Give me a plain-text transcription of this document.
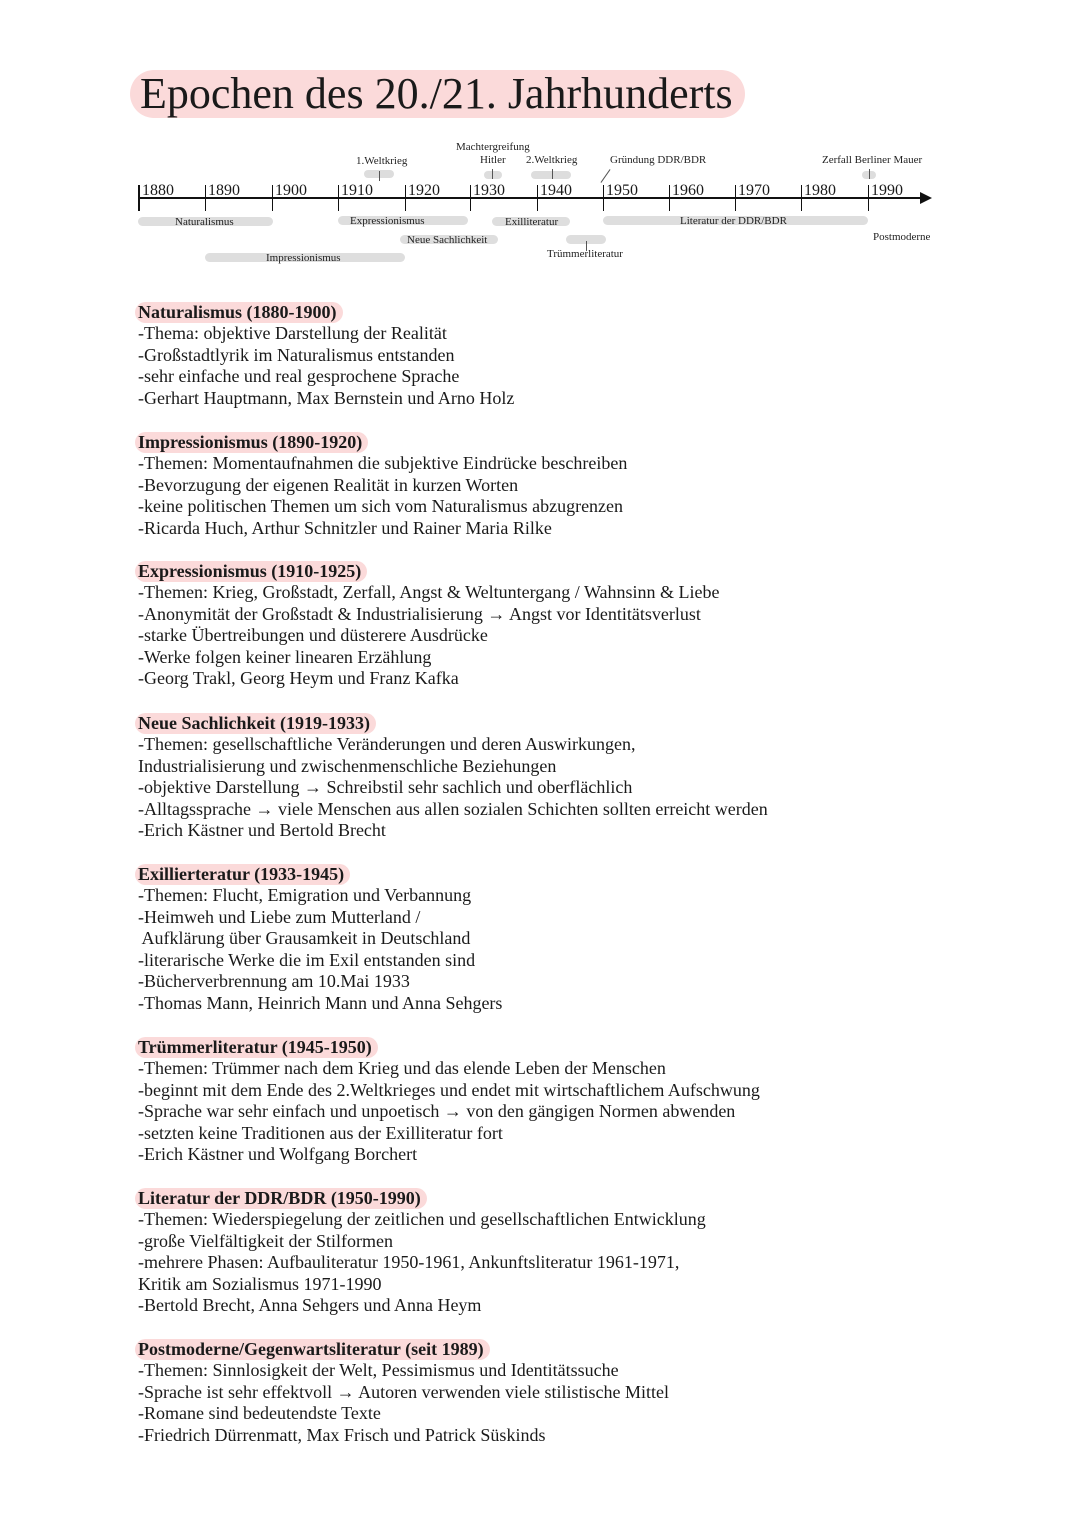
Epochen des 20./21. Jahrhunderts
1880 1890 1900 1910 1920 1930 1940 1950 1960 1970 1980 1990
1.Weltkrieg
Machtergreifung
Hitler 2.Weltkrieg	Gründung DDR/BDR	Zerfall Berliner Mauer
Naturalismus
Impressionismus
Expressionismus
Neue Sachlichkeit
Exilliteratur
Trümmerliteratur
Literatur der DDR/BDR
Postmoderne
Naturalismus (1880-1900)
-Thema: objektive Darstellung der Realität
-Großstadtlyrik im Naturalismus entstanden
-sehr einfache und real gesprochene Sprache
-Gerhart Hauptmann, Max Bernstein und Arno Holz
Impressionismus (1890-1920)
-Themen: Momentaufnahmen die subjektive Eindrücke beschreiben
-Bevorzugung der eigenen Realität in kurzen Worten
-keine politischen Themen um sich vom Naturalismus abzugrenzen
-Ricarda Huch, Arthur Schnitzler und Rainer Maria Rilke
Expressionismus (1910-1925)
-Themen: Krieg, Großstadt, Zerfall, Angst & Weltuntergang / Wahnsinn & Liebe
-Anonymität der Großstadt & Industrialisierung → Angst vor Identitätsverlust
-starke Übertreibungen und düsterere Ausdrücke
-Werke folgen keiner linearen Erzählung
-Georg Trakl, Georg Heym und Franz Kafka
Neue Sachlichkeit (1919-1933)
-Themen: gesellschaftliche Veränderungen und deren Auswirkungen,
Industrialisierung und zwischenmenschliche Beziehungen
-objektive Darstellung → Schreibstil sehr sachlich und oberflächlich
-Alltagssprache → viele Menschen aus allen sozialen Schichten sollten erreicht werden
-Erich Kästner und Bertold Brecht
Exillierteratur (1933-1945)
-Themen: Flucht, Emigration und Verbannung
-Heimweh und Liebe zum Mutterland /
Aufklärung über Grausamkeit in Deutschland
-literarische Werke die im Exil entstanden sind
-Bücherverbrennung am 10.Mai 1933
-Thomas Mann, Heinrich Mann und Anna Sehgers
Trümmerliteratur (1945-1950)
-Themen: Trümmer nach dem Krieg und das elende Leben der Menschen
-beginnt mit dem Ende des 2.Weltkrieges und endet mit wirtschaftlichem Aufschwung
-Sprache war sehr einfach und unpoetisch → von den gängigen Normen abwenden
-setzten keine Traditionen aus der Exilliteratur fort
-Erich Kästner und Wolfgang Borchert
Literatur der DDR/BDR (1950-1990)
-Themen: Wiederspiegelung der zeitlichen und gesellschaftlichen Entwicklung
-große Vielfältigkeit der Stilformen
-mehrere Phasen: Aufbauliteratur 1950-1961, Ankunftsliteratur 1961-1971,
Kritik am Sozialismus 1971-1990
-Bertold Brecht, Anna Sehgers und Anna Heym
Postmoderne/Gegenwartsliteratur (seit 1989)
-Themen: Sinnlosigkeit der Welt, Pessimismus und Identitätssuche
-Sprache ist sehr effektvoll → Autoren verwenden viele stilistische Mittel
-Romane sind bedeutendste Texte
-Friedrich Dürrenmatt, Max Frisch und Patrick Süskinds
